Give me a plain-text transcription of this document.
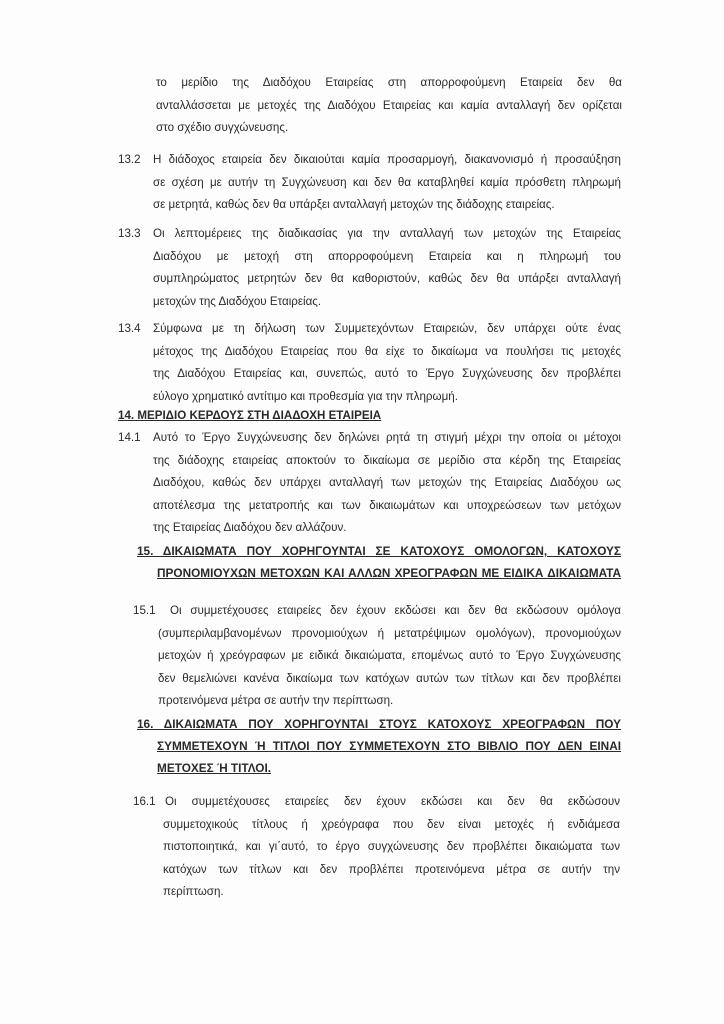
το μερίδιο της Διαδόχου Εταιρείας στη απορροφούμενη Εταιρεία δεν θα
ανταλλάσσεται με μετοχές της Διαδόχου Εταιρείας και καμία ανταλλαγή δεν ορίζεται
στο σχέδιο συγχώνευσης.
13.2 Η διάδοχος εταιρεία δεν δικαιούται καμία προσαρμογή, διακανονισμό ή προσαύξηση
σε σχέση με αυτήν τη Συγχώνευση και δεν θα καταβληθεί καμία πρόσθετη πληρωμή
σε μετρητά, καθώς δεν θα υπάρξει ανταλλαγή μετοχών της διάδοχης εταιρείας.
13.3 Οι λεπτομέρειες της διαδικασίας για την ανταλλαγή των μετοχών της Εταιρείας
Διαδόχου με μετοχή στη απορροφούμενη Εταιρεία και η πληρωμή του
συμπληρώματος μετρητών δεν θα καθοριστούν, καθώς δεν θα υπάρξει ανταλλαγή
μετοχών της Διαδόχου Εταιρείας.
13.4 Σύμφωνα με τη δήλωση των Συμμετεχόντων Εταιρειών, δεν υπάρχει ούτε ένας
μέτοχος της Διαδόχου Εταιρείας που θα είχε το δικαίωμα να πουλήσει τις μετοχές
της Διαδόχου Εταιρείας και, συνεπώς, αυτό το Έργο Συγχώνευσης δεν προβλέπει
εύλογο χρηματικό αντίτιμο και προθεσμία για την πληρωμή.
14. ΜΕΡΙΔΙΟ ΚΕΡΔΟΥΣ ΣΤΗ ΔΙΑΔΟΧΗ ΕΤΑΙΡΕΙΑ
14.1 Αυτό το Έργο Συγχώνευσης δεν δηλώνει ρητά τη στιγμή μέχρι την οποία οι μέτοχοι
της διάδοχης εταιρείας αποκτούν το δικαίωμα σε μερίδιο στα κέρδη της Εταιρείας
Διαδόχου, καθώς δεν υπάρχει ανταλλαγή των μετοχών της Εταιρείας Διαδόχου ως
αποτέλεσμα της μετατροπής και των δικαιωμάτων και υποχρεώσεων των μετόχων
της Εταιρείας Διαδόχου δεν αλλάζουν.
15. ΔΙΚΑΙΩΜΑΤΑ ΠΟΥ ΧΟΡΗΓΟΥΝΤΑΙ ΣΕ ΚΑΤΟΧΟΥΣ ΟΜΟΛΟΓΩΝ, ΚΑΤΟΧΟΥΣ
ΠΡΟΝΟΜΙΟΥΧΩΝ ΜΕΤΟΧΩΝ ΚΑΙ ΑΛΛΩΝ ΧΡΕΟΓΡΑΦΩΝ ΜΕ ΕΙΔΙΚΑ ΔΙΚΑΙΩΜΑΤΑ
15.1 Οι συμμετέχουσες εταιρείες δεν έχουν εκδώσει και δεν θα εκδώσουν ομόλογα
(συμπεριλαμβανομένων προνομιούχων ή μετατρέψιμων ομολόγων), προνομιούχων
μετοχών ή χρεόγραφων με ειδικά δικαιώματα, επομένως αυτό το Έργο Συγχώνευσης
δεν θεμελιώνει κανένα δικαίωμα των κατόχων αυτών των τίτλων και δεν προβλέπει
προτεινόμενα μέτρα σε αυτήν την περίπτωση.
16. ΔΙΚΑΙΩΜΑΤΑ ΠΟΥ ΧΟΡΗΓΟΥΝΤΑΙ ΣΤΟΥΣ ΚΑΤΟΧΟΥΣ ΧΡΕΟΓΡΑΦΩΝ ΠΟΥ
ΣΥΜΜΕΤΕΧΟΥΝ Ή ΤΙΤΛΟΙ ΠΟΥ ΣΥΜΜΕΤΕΧΟΥΝ ΣΤΟ ΒΙΒΛΙΟ ΠΟΥ ΔΕΝ ΕΙΝΑΙ
ΜΕΤΟΧΕΣ Ή ΤΙΤΛΟΙ.
16.1 Οι συμμετέχουσες εταιρείες δεν έχουν εκδώσει και δεν θα εκδώσουν
συμμετοχικούς τίτλους ή χρεόγραφα που δεν είναι μετοχές ή ενδιάμεσα
πιστοποιητικά, και γι΄αυτό, το έργο συγχώνευσης δεν προβλέπει δικαιώματα των
κατόχων των τίτλων και δεν προβλέπει προτεινόμενα μέτρα σε αυτήν την
περίπτωση.
